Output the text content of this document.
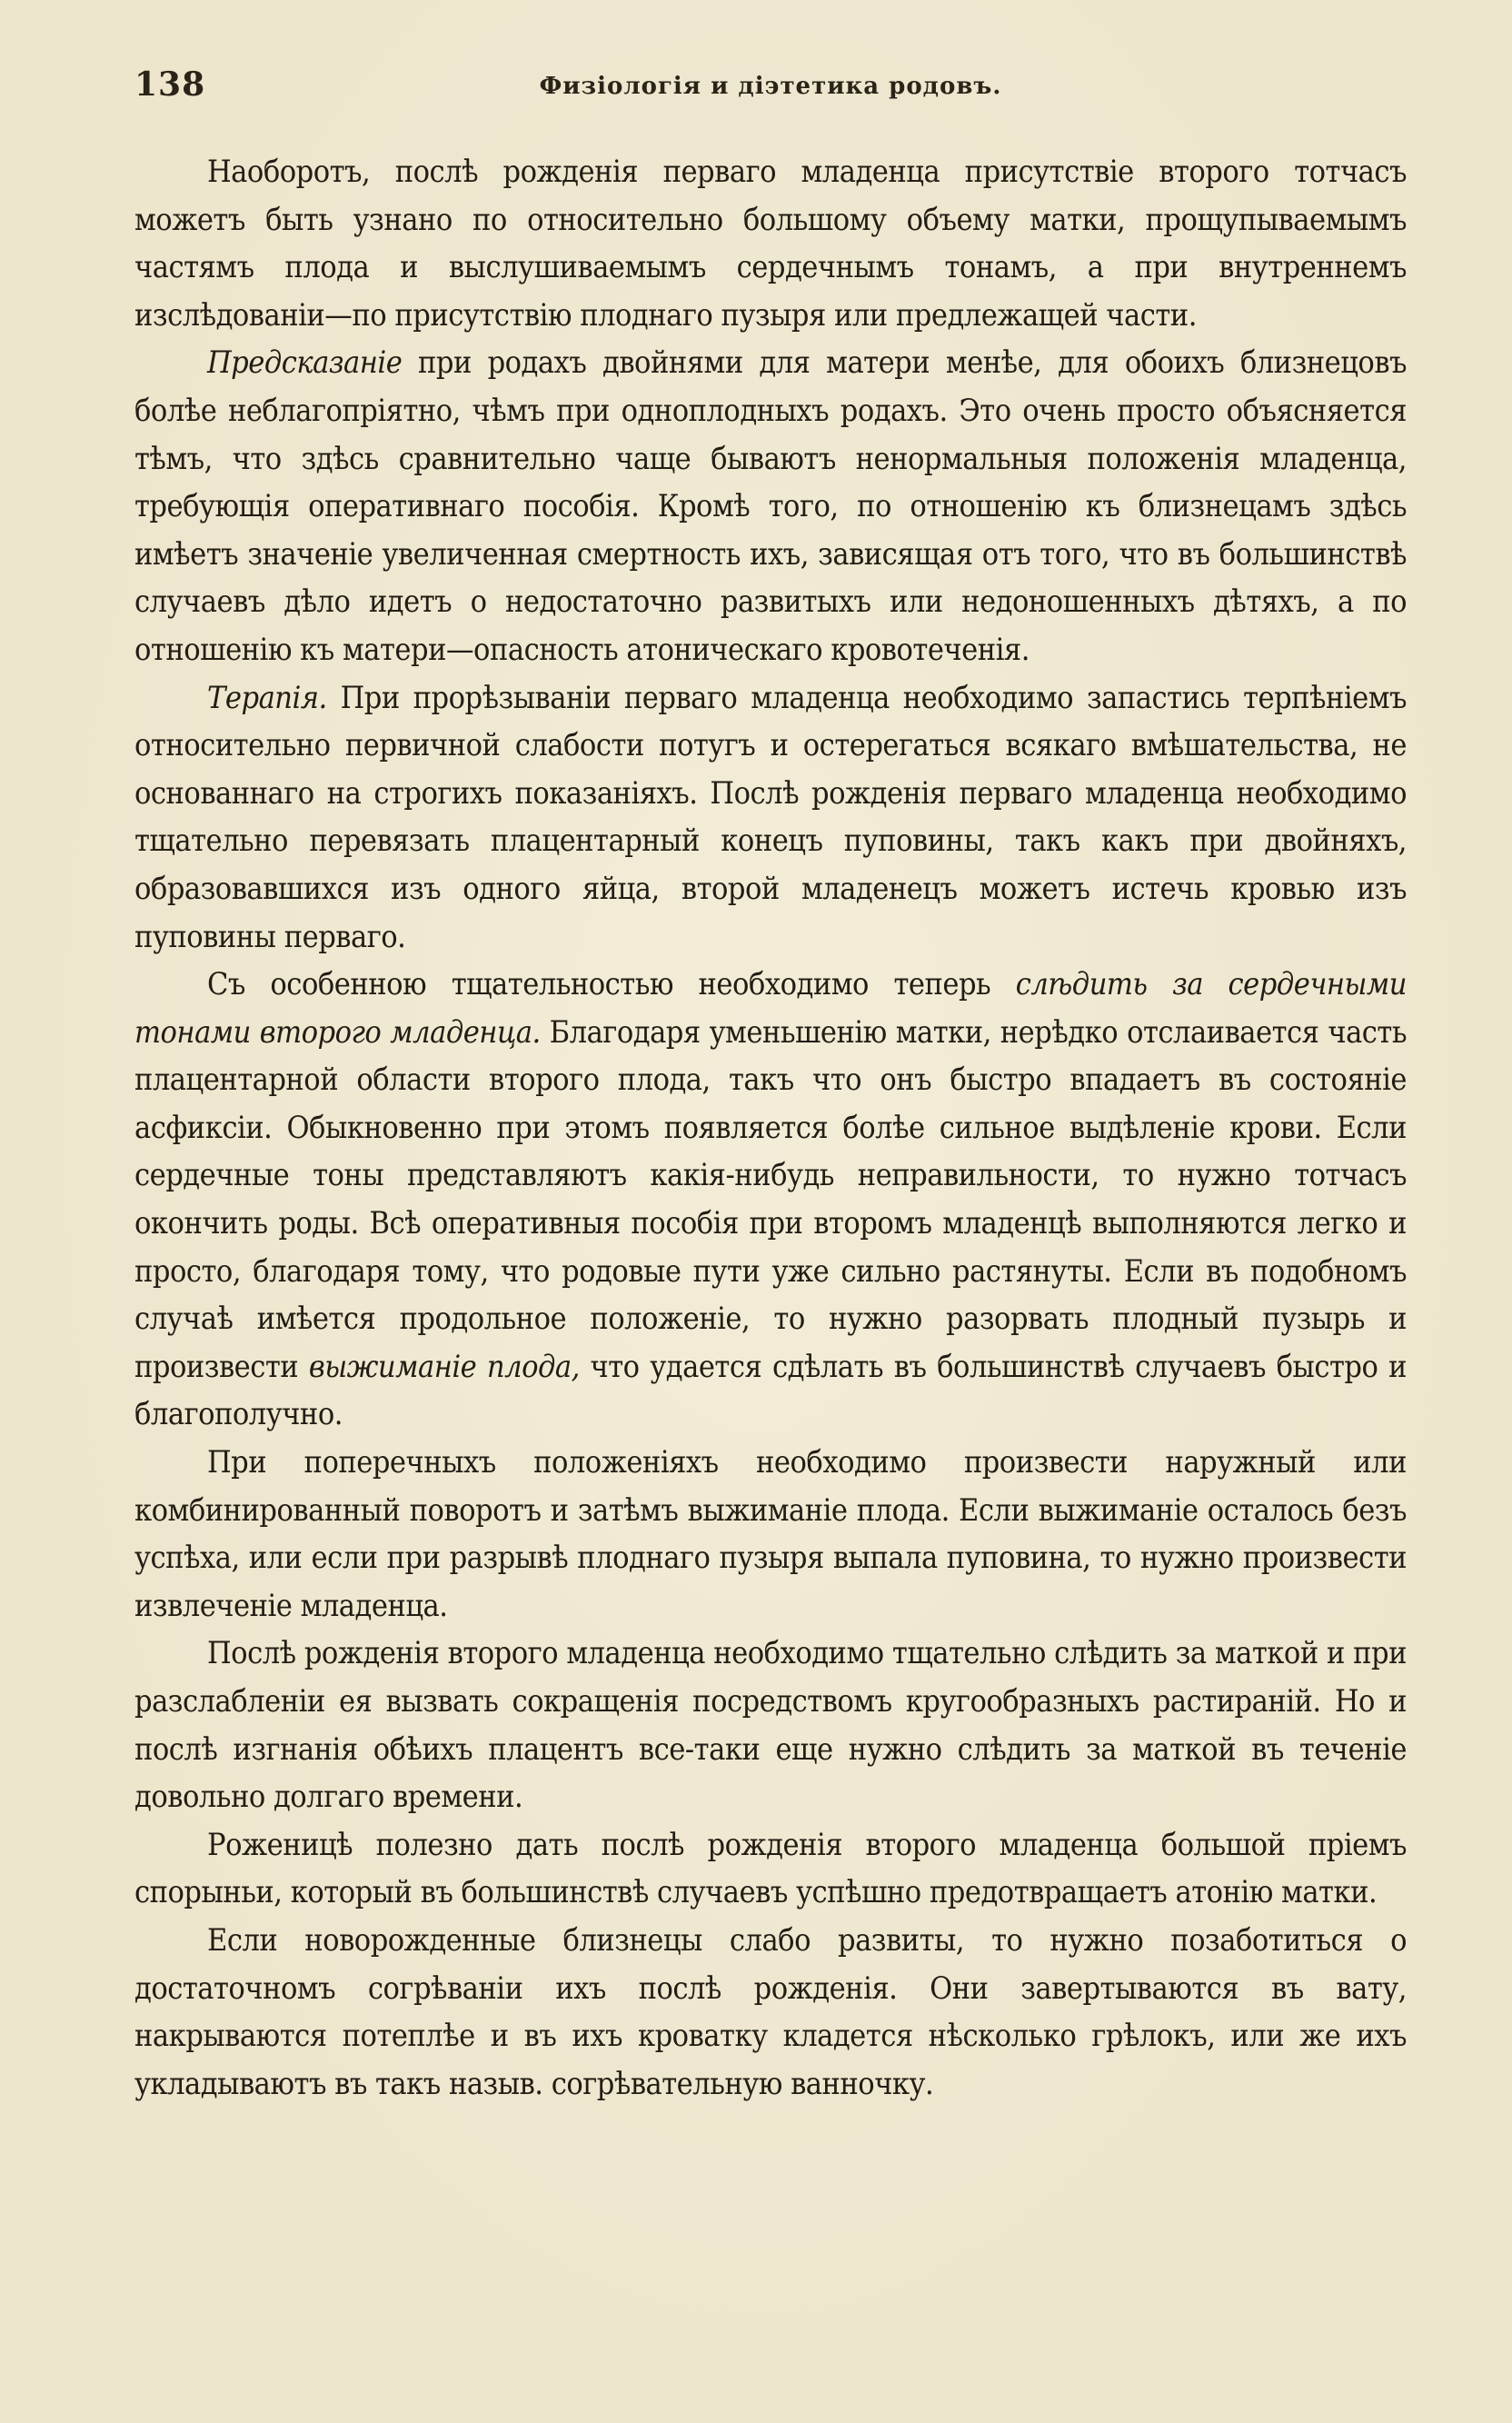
138	Физiологiя и дiэтетика родовъ.

Наоборотъ, послѣ рожденiя перваго младенца присутствiе второго тотчасъ можетъ быть узнано по относительно большому объему матки, прощупываемымъ частямъ плода и выслушиваемымъ сердечнымъ тонамъ, а при внутреннемъ изслѣдованiи—по присутствiю плоднаго пузыря или предлежащей части.

Предсказанiе при родахъ двойнями для матери менѣе, для обоихъ близнецовъ болѣе неблагопрiятно, чѣмъ при одноплодныхъ родахъ. Это очень просто объясняется тѣмъ, что здѣсь сравнительно чаще бываютъ ненормальныя положенiя младенца, требующiя оперативнаго пособiя. Кромѣ того, по отношенiю къ близнецамъ здѣсь имѣетъ значенiе увеличенная смертность ихъ, зависящая отъ того, что въ большинствѣ случаевъ дѣло идетъ о недостаточно развитыхъ или недоношенныхъ дѣтяхъ, а по отношенiю къ матери—опасность атоническаго кровотеченiя.

Терапiя. При прорѣзыванiи перваго младенца необходимо запастись терпѣнiемъ относительно первичной слабости потугъ и остерегаться всякаго вмѣшательства, не основаннаго на строгихъ показанiяхъ. Послѣ рожденiя перваго младенца необходимо тщательно перевязать плацентарный конецъ пуповины, такъ какъ при двойняхъ, образовавшихся изъ одного яйца, второй младенецъ можетъ истечь кровью изъ пуповины перваго.

Съ особенною тщательностью необходимо теперь слѣдить за сердечными тонами второго младенца. Благодаря уменьшенiю матки, нерѣдко отслаивается часть плацентарной области второго плода, такъ что онъ быстро впадаетъ въ состоянiе асфиксiи. Обыкновенно при этомъ появляется болѣе сильное выдѣленiе крови. Если сердечные тоны представляютъ какiя-нибудь неправильности, то нужно тотчасъ окончить роды. Всѣ оперативныя пособiя при второмъ младенцѣ выполняются легко и просто, благодаря тому, что родовые пути уже сильно растянуты. Если въ подобномъ случаѣ имѣется продольное положенiе, то нужно разорвать плодный пузырь и произвести выжиманiе плода, что удается сдѣлать въ большинствѣ случаевъ быстро и благополучно.

При поперечныхъ положенiяхъ необходимо произвести наружный или комбинированный поворотъ и затѣмъ выжиманiе плода. Если выжиманiе осталось безъ успѣха, или если при разрывѣ плоднаго пузыря выпала пуповина, то нужно произвести извлеченiе младенца.

Послѣ рожденiя второго младенца необходимо тщательно слѣдить за маткой и при разслабленiи ея вызвать сокращенiя посредствомъ кругообразныхъ растиранiй. Но и послѣ изгнанiя обѣихъ плацентъ все-таки еще нужно слѣдить за маткой въ теченiе довольно долгаго времени.

Роженицѣ полезно дать послѣ рожденiя второго младенца большой прiемъ спорыньи, который въ большинствѣ случаевъ успѣшно предотвращаетъ атонiю матки.

Если новорожденные близнецы слабо развиты, то нужно позаботиться о достаточномъ согрѣванiи ихъ послѣ рожденiя. Они завертываются въ вату, накрываются потеплѣе и въ ихъ кроватку кладется нѣсколько грѣлокъ, или же ихъ укладываютъ въ такъ назыв. согрѣвательную ванночку.
